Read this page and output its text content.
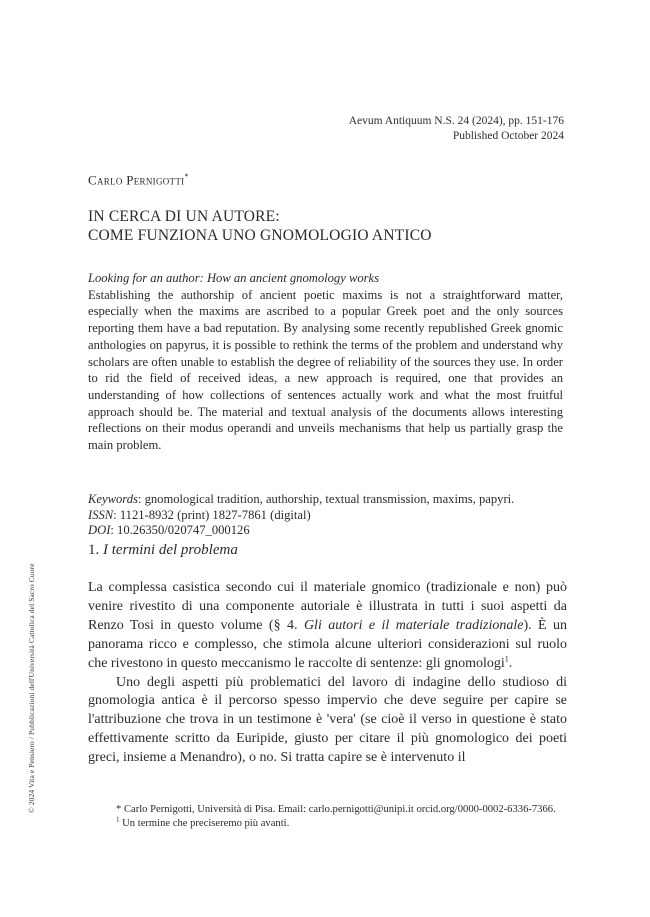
Aevum Antiquum N.S. 24 (2024), pp. 151-176
Published October 2024
Carlo Pernigotti*
IN CERCA DI UN AUTORE:
COME FUNZIONA UNO GNOMOLOGIO ANTICO
Looking for an author: How an ancient gnomology works
Establishing the authorship of ancient poetic maxims is not a straightforward matter, especially when the maxims are ascribed to a popular Greek poet and the only sources reporting them have a bad reputation. By analysing some recently republished Greek gnomic anthologies on papyrus, it is possible to rethink the terms of the problem and understand why scholars are often unable to establish the degree of reliability of the sources they use. In order to rid the field of received ideas, a new approach is required, one that provides an understanding of how collections of sentences actually work and what the most fruitful approach should be. The material and textual analysis of the documents allows interesting reflections on their modus operandi and unveils mechanisms that help us partially grasp the main problem.
Keywords: gnomological tradition, authorship, textual transmission, maxims, papyri.
ISSN: 1121-8932 (print) 1827-7861 (digital)
DOI: 10.26350/020747_000126
© 2024 Vita e Pensiero / Pubblicazioni dell'Università Cattolica del Sacro Cuore
1. I termini del problema

La complessa casistica secondo cui il materiale gnomico (tradizionale e non) può venire rivestito di una componente autoriale è illustrata in tutti i suoi aspetti da Renzo Tosi in questo volume (§ 4. Gli autori e il materiale tradizionale). È un panorama ricco e complesso, che stimola alcune ulteriori considerazioni sul ruolo che rivestono in questo meccanismo le raccolte di sentenze: gli gnomologi$^1$.

Uno degli aspetti più problematici del lavoro di indagine dello studioso di gnomologia antica è il percorso spesso impervio che deve seguire per capire se l'attribuzione che trova in un testimone è 'vera' (se cioè il verso in questione è stato effettivamente scritto da Euripide, giusto per citare il più gnomologico dei poeti greci, insieme a Menandro), o no. Si tratta capire se è intervenuto il

* Carlo Pernigotti, Università di Pisa. Email: carlo.pernigotti@unipi.it orcid.org/0000-0002-6336-7366.

$^1$ Un termine che preciseremo più avanti.
